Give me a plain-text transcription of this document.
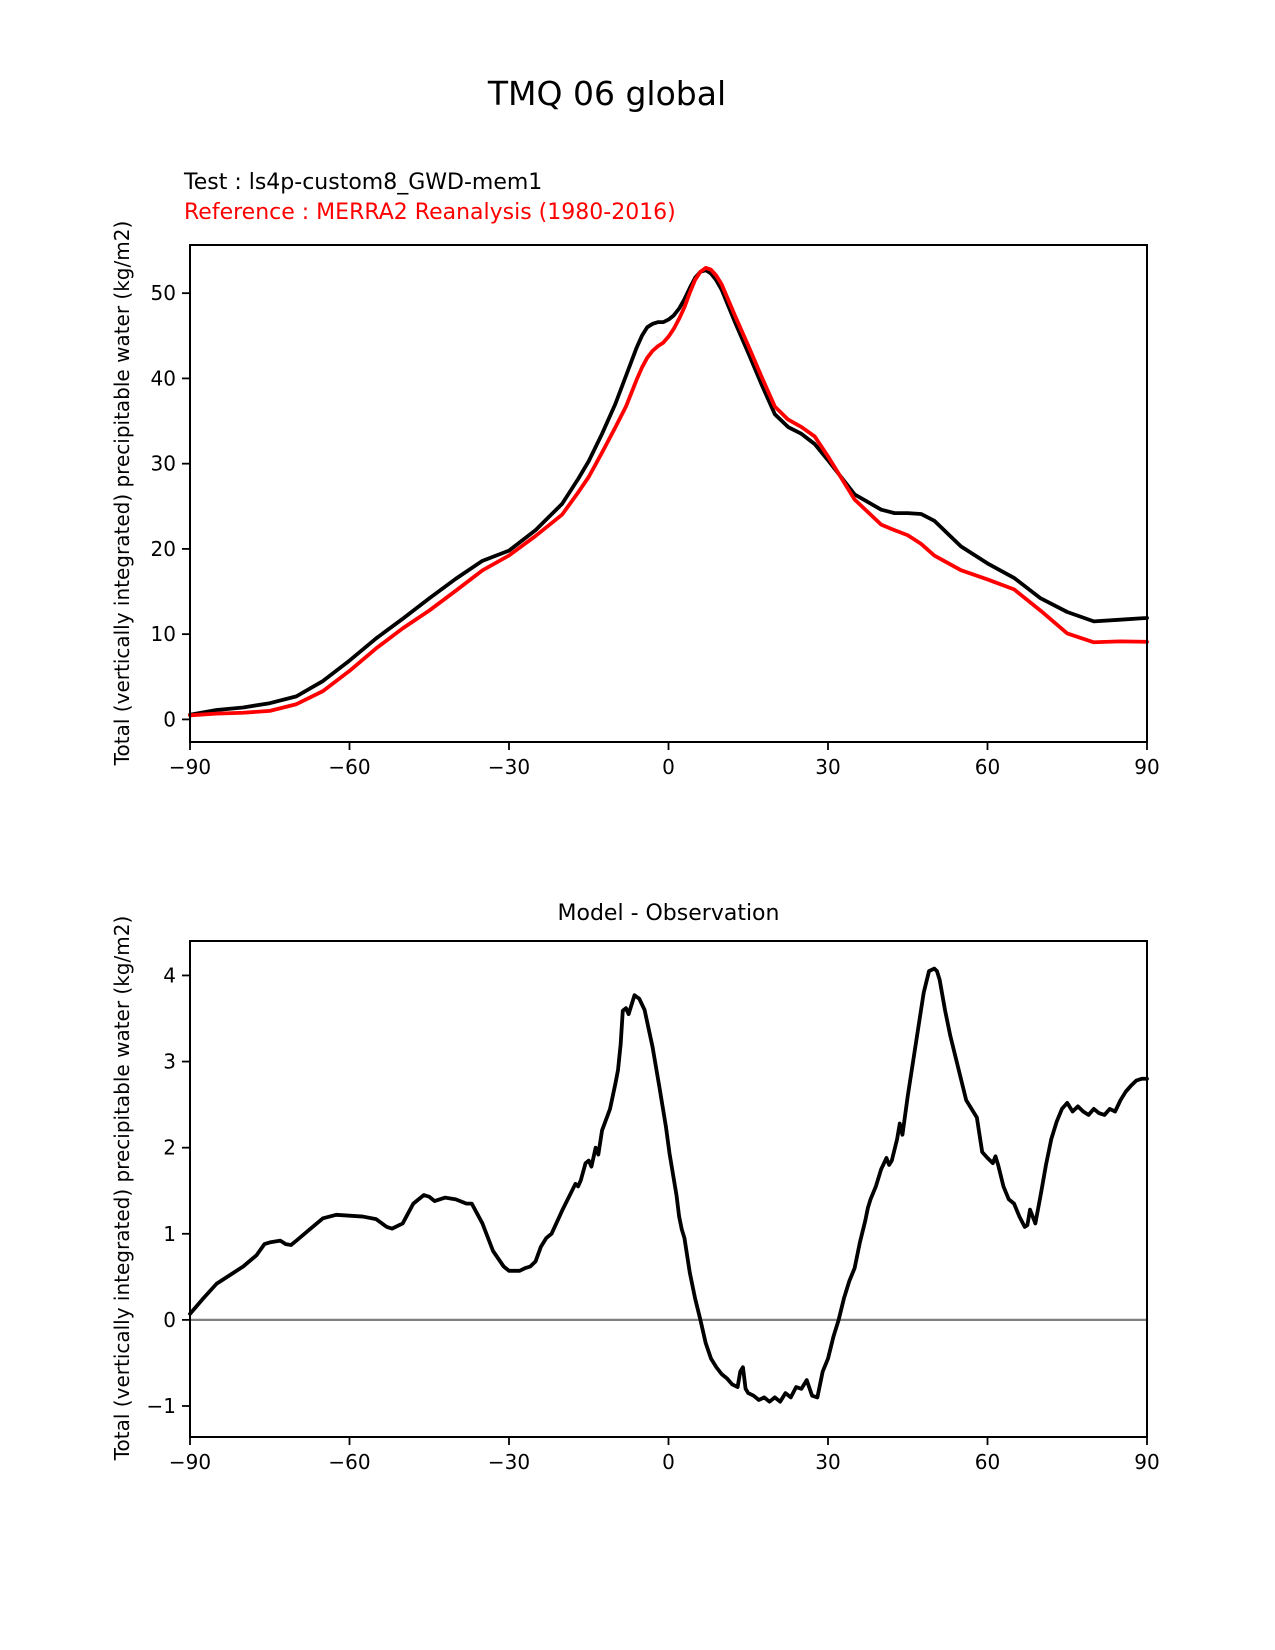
TMQ 06 global
Test : ls4p-custom8_GWD-mem1
Reference : MERRA2 Reanalysis (1980-2016)
Total (vertically integrated) precipitable water (kg/m2)
Total (vertically integrated) precipitable water (kg/m2)
Model - Observation
−90	−60	−30	0	30	60	90
0
10
20
30
40
50
−90	−60	−30	0	30	60	90
−1
0
1
2
3
4
